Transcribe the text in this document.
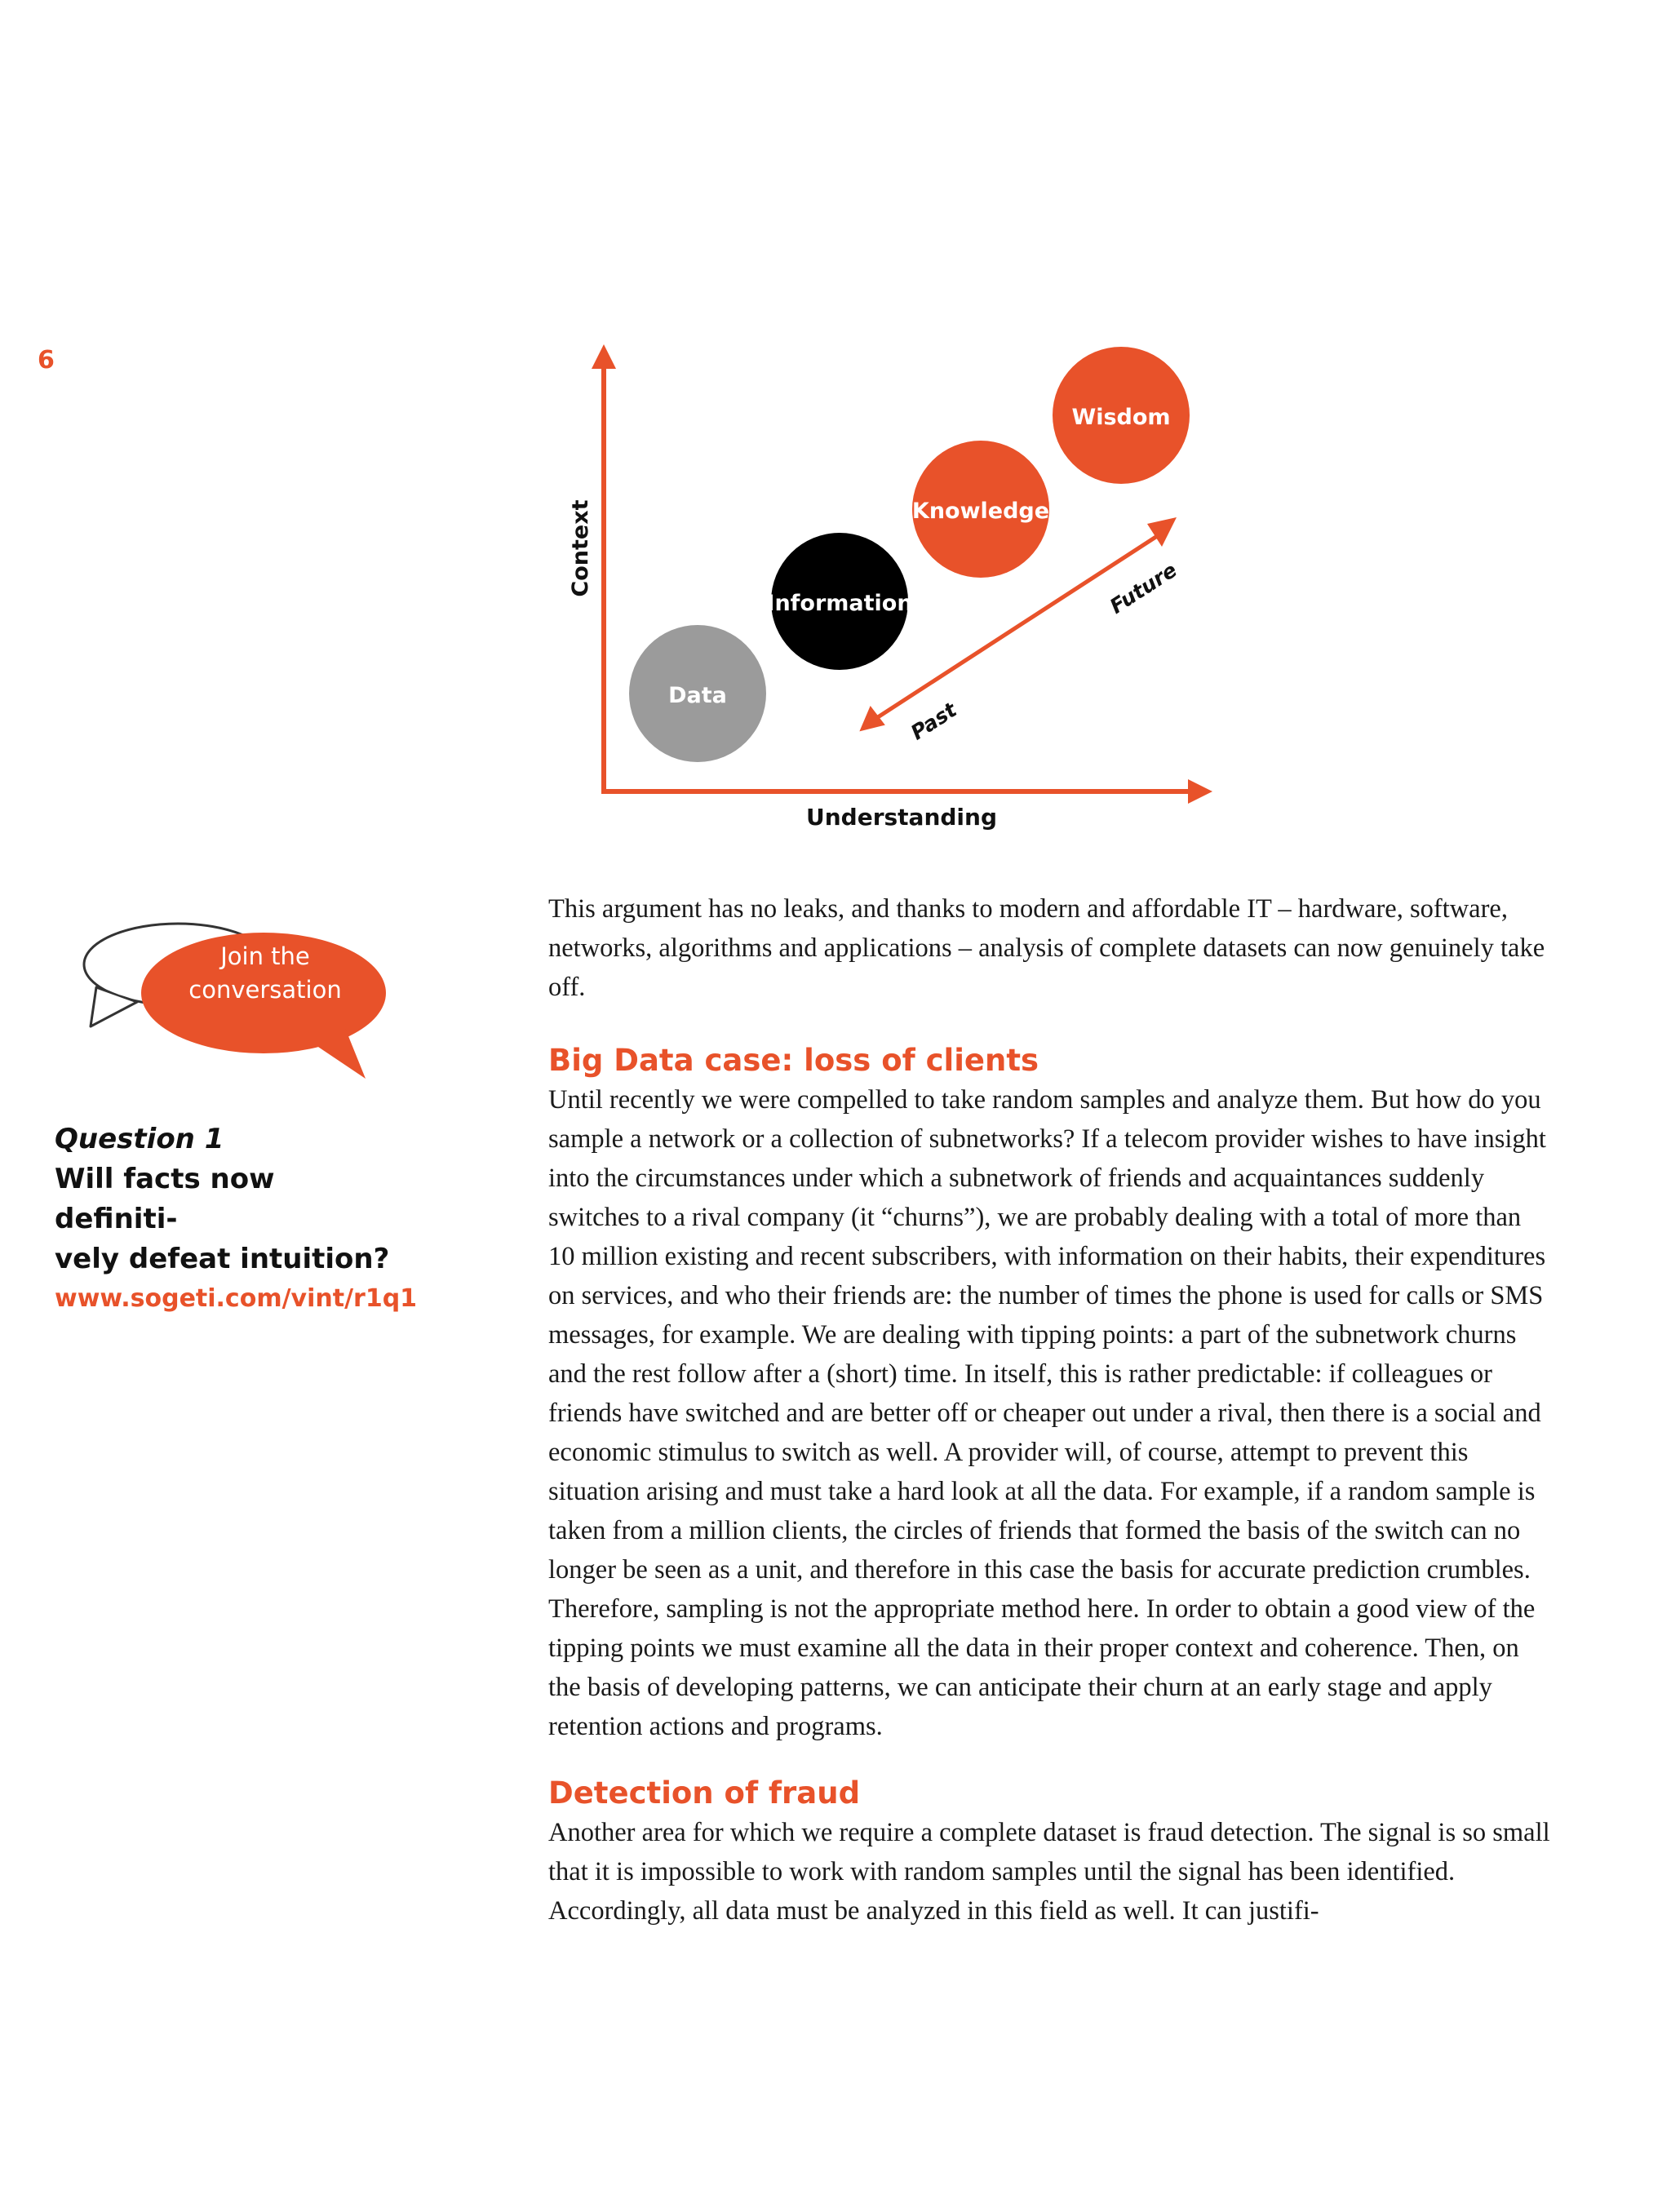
6
Data
Information
Knowledge
Wisdom
Context
Understanding
Past
Future
Join the
conversation
Question 1
Will facts now definiti-
vely defeat intuition?
www.sogeti.com/vint/r1q1

This argument has no leaks, and thanks to modern and affordable IT – hardware, software, networks, algorithms and applications – analysis of complete datasets can now genuinely take off.

Big Data case: loss of clients

Until recently we were compelled to take random samples and analyze them. But how do you sample a network or a collection of subnetworks? If a telecom provider wishes to have insight into the circumstances under which a subnetwork of friends and acquaintances suddenly switches to a rival company (it “churns”), we are probably dealing with a total of more than 10 million existing and recent subscribers, with information on their habits, their expenditures on services, and who their friends are: the number of times the phone is used for calls or SMS messages, for example. We are dealing with tipping points: a part of the subnetwork churns and the rest follow after a (short) time. In itself, this is rather predictable: if colleagues or friends have switched and are better off or cheaper out under a rival, then there is a social and economic stimulus to switch as well. A provider will, of course, attempt to prevent this situation arising and must take a hard look at all the data. For example, if a random sample is taken from a million clients, the circles of friends that formed the basis of the switch can no longer be seen as a unit, and therefore in this case the basis for accurate prediction crumbles. Therefore, sampling is not the appropriate method here. In order to obtain a good view of the tipping points we must examine all the data in their proper context and coherence. Then, on the basis of developing patterns, we can anticipate their churn at an early stage and apply retention actions and programs.

Detection of fraud

Another area for which we require a complete dataset is fraud detection. The signal is so small that it is impossible to work with random samples until the signal has been identified. Accordingly, all data must be analyzed in this field as well. It can justifi-
